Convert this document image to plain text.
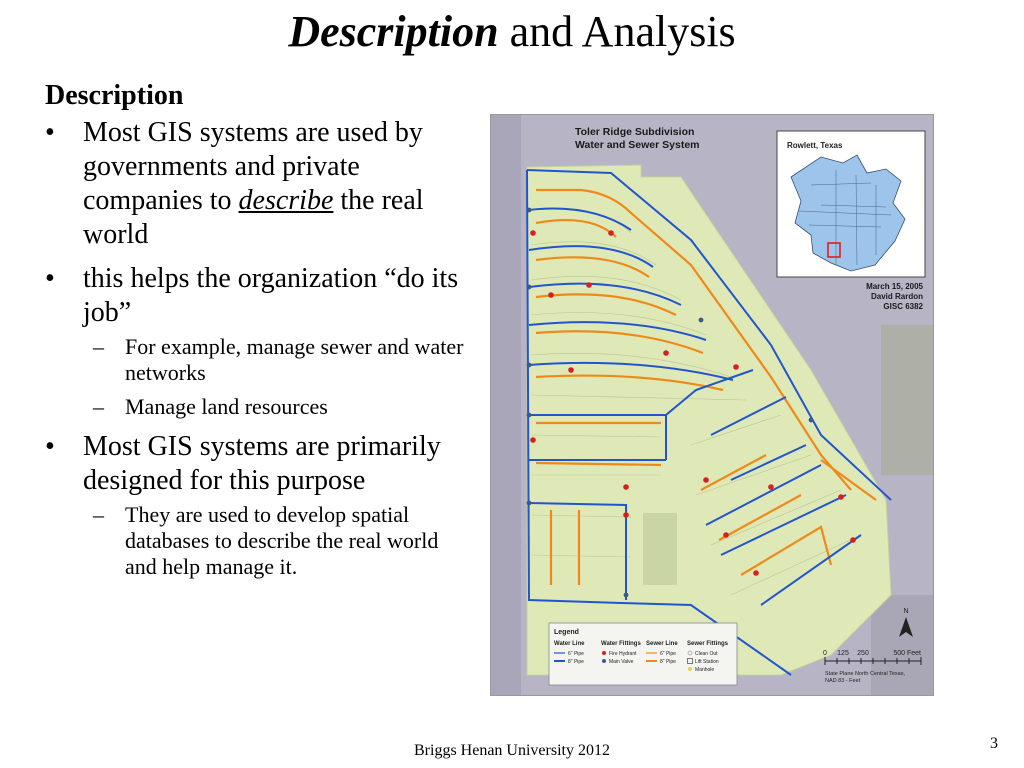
Description and Analysis
Description
• Most GIS systems are used by governments and private companies to describe the real world
• this helps the organization “do its job”
– For example, manage sewer and water networks
– Manage land resources
• Most GIS systems are primarily designed for this purpose
– They are used to develop spatial databases to describe the real world and help manage it.
Toler Ridge Subdivision
Water and Sewer System	Rowlett, Texas
March 15, 2005
David Rardon
GISC 6382
N
0 125 250	500 Feet
State Plane North Central Texas,
NAD 83 - Feet
Legend
Water Line	Water Fittings Sewer Line Sewer Fittings
6" Pipe
8" Pipe
Fire Hydrant
Main Valve
6" Pipe
8" Pipe
Clean Out
Lift Station
Manhole
Briggs Henan University 2012	3
